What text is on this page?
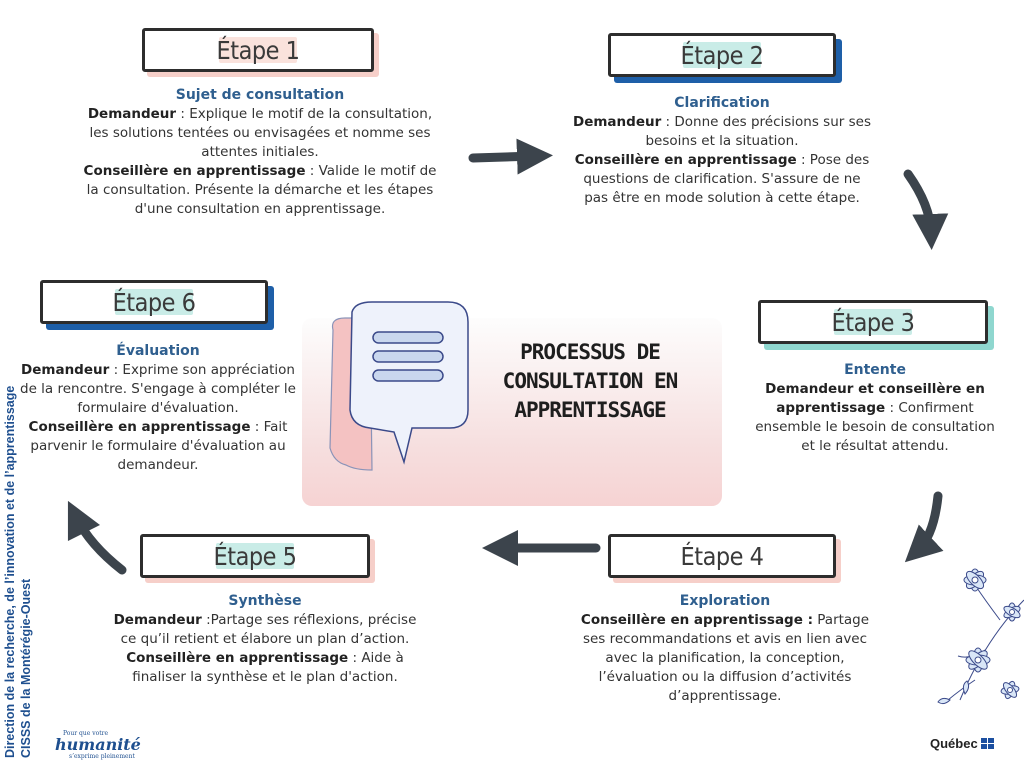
PROCESSUS DE
CONSULTATION EN
APPRENTISSAGE
Étape 1	Étape 2
Étape 3
Étape 4
Étape 5
Étape 6
Sujet de consultation
Demandeur : Explique le motif de la consultation, les solutions tentées ou envisagées et nomme ses attentes initiales.
Conseillère en apprentissage : Valide le motif de la consultation. Présente la démarche et les étapes d'une consultation en apprentissage.
Clarification
Demandeur : Donne des précisions sur ses besoins et la situation.
Conseillère en apprentissage : Pose des questions de clarification. S'assure de ne pas être en mode solution à cette étape.
Entente
Demandeur et conseillère en apprentissage : Confirment ensemble le besoin de consultation et le résultat attendu.
Exploration
Conseillère en apprentissage : Partage ses recommandations et avis en lien avec avec la planification, la conception, l’évaluation ou la diffusion d’activités d’apprentissage.
Synthèse
Demandeur :Partage ses réflexions, précise ce qu’il retient et élabore un plan d’action.
Conseillère en apprentissage : Aide à finaliser la synthèse et le plan d'action.
Évaluation
Demandeur : Exprime son appréciation de la rencontre. S'engage à compléter le formulaire d'évaluation.
Conseillère en apprentissage : Fait parvenir le formulaire d'évaluation au demandeur.
Direction de la recherche, de l’innovation et de l’apprentissage CISSS de la Montérégie-Ouest	Pour que votre
humanité
s’exprime pleinement
Québec
